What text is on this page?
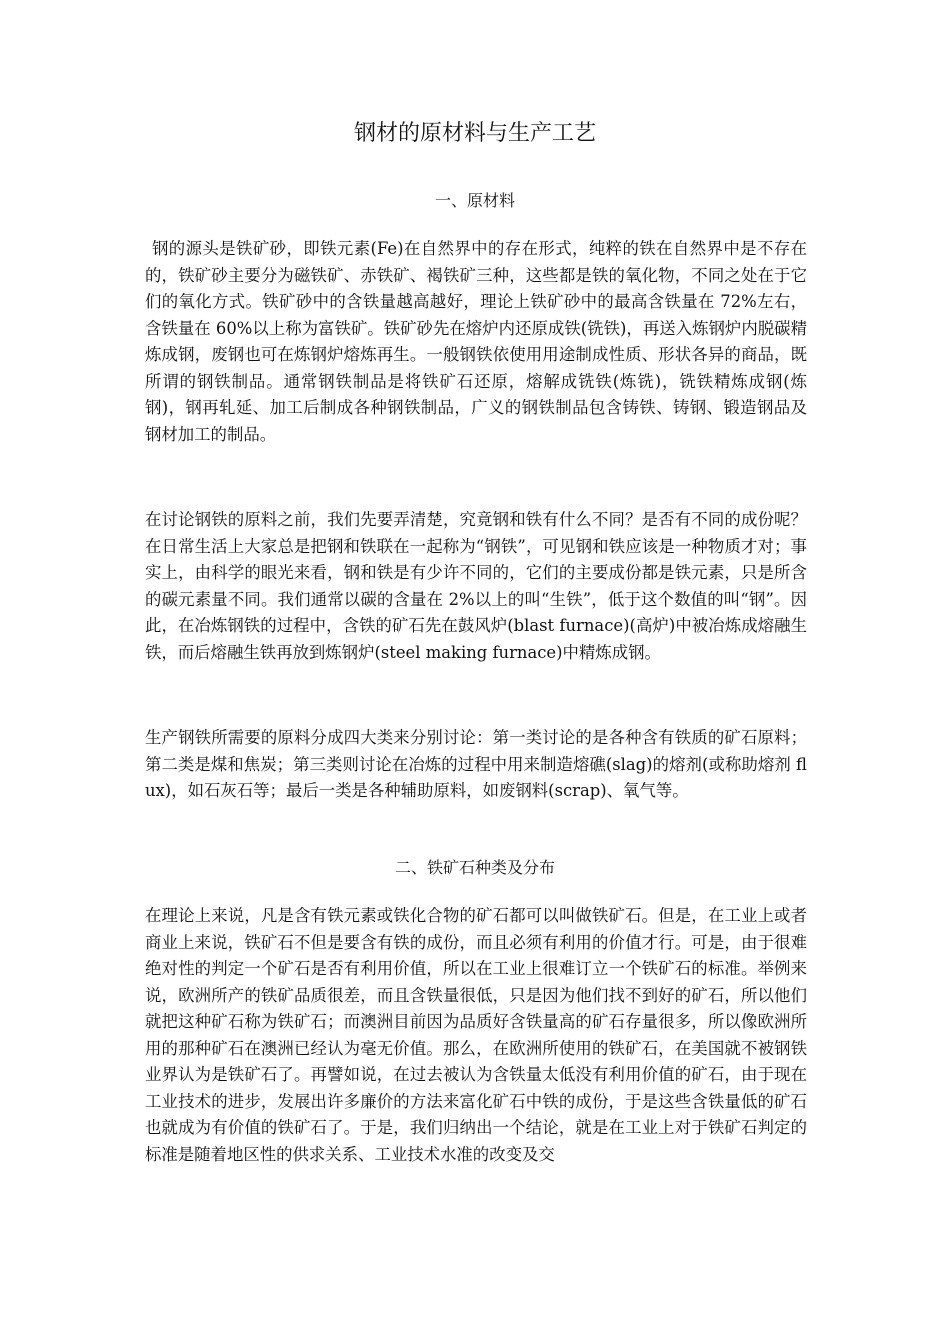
钢材的原材料与生产工艺
一、原材料

钢的源头是铁矿砂，即铁元素(Fe)在自然界中的存在形式，纯粹的铁在自然界中是不存在的，铁矿砂主要分为磁铁矿、赤铁矿、褐铁矿三种，这些都是铁的氧化物，不同之处在于它们的氧化方式。铁矿砂中的含铁量越高越好，理论上铁矿砂中的最高含铁量在 72%左右，含铁量在 60%以上称为富铁矿。铁矿砂先在熔炉内还原成铁(铣铁)，再送入炼钢炉内脱碳精炼成钢，废钢也可在炼钢炉熔炼再生。一般钢铁依使用用途制成性质、形状各异的商品，既所谓的钢铁制品。通常钢铁制品是将铁矿石还原，熔解成铣铁(炼铣)，铣铁精炼成钢(炼钢)，钢再轧延、加工后制成各种钢铁制品，广义的钢铁制品包含铸铁、铸钢、锻造钢品及钢材加工的制品。

在讨论钢铁的原料之前，我们先要弄清楚，究竟钢和铁有什么不同？是否有不同的成份呢？在日常生活上大家总是把钢和铁联在一起称为“钢铁”，可见钢和铁应该是一种物质才对；事实上，由科学的眼光来看，钢和铁是有少许不同的，它们的主要成份都是铁元素，只是所含的碳元素量不同。我们通常以碳的含量在 2%以上的叫“生铁”，低于这个数值的叫“钢”。因此，在冶炼钢铁的过程中，含铁的矿石先在鼓风炉(blast furnace)(高炉)中被冶炼成熔融生铁，而后熔融生铁再放到炼钢炉(steel making furnace)中精炼成钢。

生产钢铁所需要的原料分成四大类来分别讨论：第一类讨论的是各种含有铁质的矿石原料；第二类是煤和焦炭；第三类则讨论在冶炼的过程中用来制造熔礁(slag)的熔剂(或称助熔剂 flux)，如石灰石等；最后一类是各种辅助原料，如废钢料(scrap)、氧气等。

二、铁矿石种类及分布

在理论上来说，凡是含有铁元素或铁化合物的矿石都可以叫做铁矿石。但是，在工业上或者商业上来说，铁矿石不但是要含有铁的成份，而且必须有利用的价值才行。可是，由于很难绝对性的判定一个矿石是否有利用价值，所以在工业上很难订立一个铁矿石的标准。举例来说，欧洲所产的铁矿品质很差，而且含铁量很低，只是因为他们找不到好的矿石，所以他们就把这种矿石称为铁矿石；而澳洲目前因为品质好含铁量高的矿石存量很多，所以像欧洲所用的那种矿石在澳洲已经认为毫无价值。那么，在欧洲所使用的铁矿石，在美国就不被钢铁业界认为是铁矿石了。再譬如说，在过去被认为含铁量太低没有利用价值的矿石，由于现在工业技术的进步，发展出许多廉价的方法来富化矿石中铁的成份，于是这些含铁量低的矿石也就成为有价值的铁矿石了。于是，我们归纳出一个结论，就是在工业上对于铁矿石判定的标准是随着地区性的供求关系、工业技术水准的改变及交
